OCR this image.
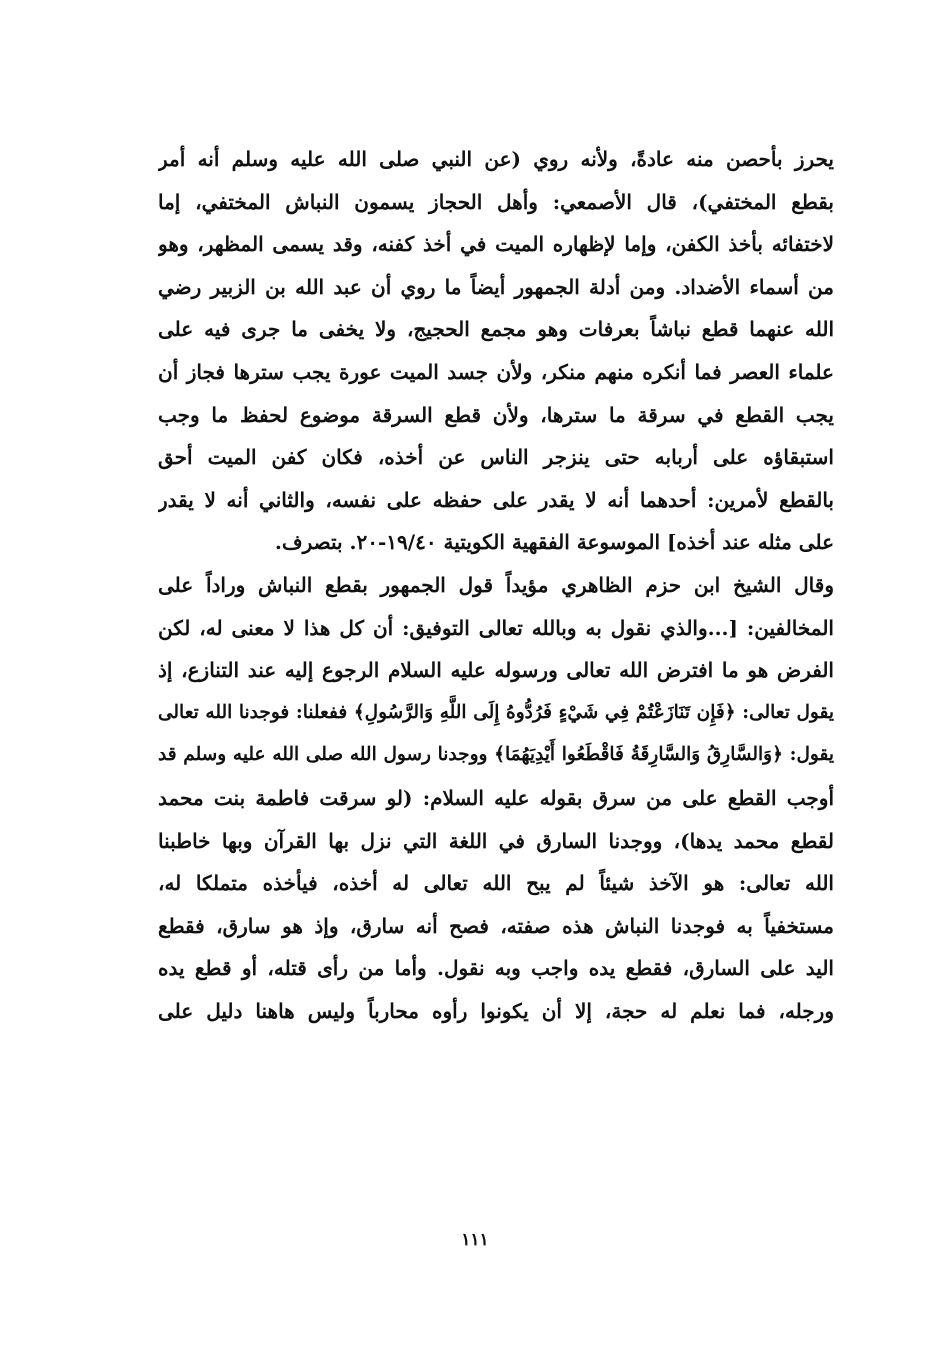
يحرز بأحصن منه عادةً، ولأنه روي (عن النبي صلى الله عليه وسلم أنه أمر
بقطع المختفي)، قال الأصمعي: وأهل الحجاز يسمون النباش المختفي، إما
لاختفائه بأخذ الكفن، وإما لإظهاره الميت في أخذ كفنه، وقد يسمى المظهر، وهو
من أسماء الأضداد. ومن أدلة الجمهور أيضاً ما روي أن عبد الله بن الزبير رضي
الله عنهما قطع نباشاً بعرفات وهو مجمع الحجيج، ولا يخفى ما جرى فيه على
علماء العصر فما أنكره منهم منكر، ولأن جسد الميت عورة يجب سترها فجاز أن
يجب القطع في سرقة ما سترها، ولأن قطع السرقة موضوع لحفظ ما وجب
استبقاؤه على أربابه حتى ينزجر الناس عن أخذه، فكان كفن الميت أحق
بالقطع لأمرين: أحدهما أنه لا يقدر على حفظه على نفسه، والثاني أنه لا يقدر
على مثله عند أخذه] الموسوعة الفقهية الكويتية ١٩/٤٠-٢٠. بتصرف.
وقال الشيخ ابن حزم الظاهري مؤيداً قول الجمهور بقطع النباش وراداً على
المخالفين: [...والذي نقول به وبالله تعالى التوفيق: أن كل هذا لا معنى له، لكن
الفرض هو ما افترض الله تعالى ورسوله عليه السلام الرجوع إليه عند التنازع، إذ
يقول تعالى: ﴿فَإِن تَنَازَعْتُمْ فِي شَيْءٍ فَرُدُّوهُ إِلَى اللَّهِ وَالرَّسُولِ﴾ ففعلنا: فوجدنا الله تعالى
يقول: ﴿وَالسَّارِقُ وَالسَّارِقَةُ فَاقْطَعُوا أَيْدِيَهُمَا﴾ ووجدنا رسول الله صلى الله عليه وسلم قد
أوجب القطع على من سرق بقوله عليه السلام: (لو سرقت فاطمة بنت محمد
لقطع محمد يدها)، ووجدنا السارق في اللغة التي نزل بها القرآن وبها خاطبنا
الله تعالى: هو الآخذ شيئاً لم يبح الله تعالى له أخذه، فيأخذه متملكا له،
مستخفياً به فوجدنا النباش هذه صفته، فصح أنه سارق، وإذ هو سارق، فقطع
اليد على السارق، فقطع يده واجب وبه نقول. وأما من رأى قتله، أو قطع يده
ورجله، فما نعلم له حجة، إلا أن يكونوا رأوه محارباً وليس هاهنا دليل على
١١١
